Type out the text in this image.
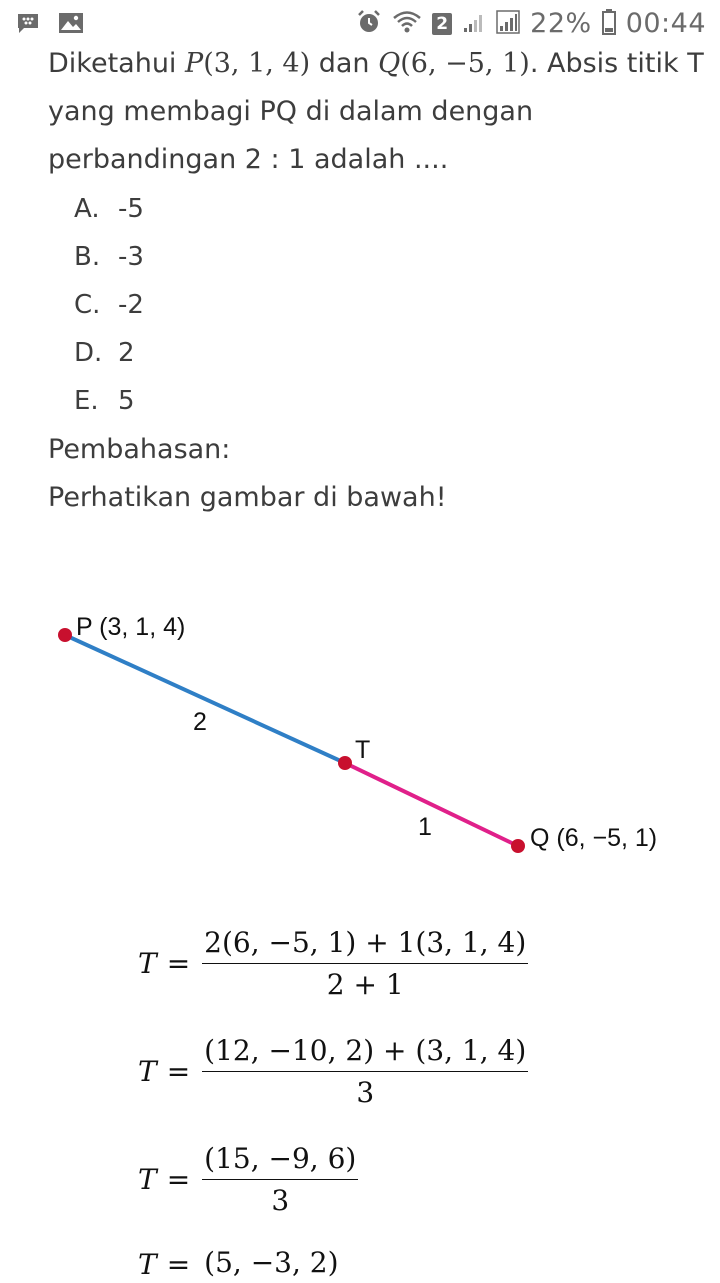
2	22% 00:44
Diketahui P(3, 1, 4) dan Q(6, −5, 1). Absis titik T
yang membagi PQ di dalam dengan
perbandingan 2 : 1 adalah ....
A. -5
B. -3
C. -2
D. 2
E. 5
Pembahasan:
Perhatikan gambar di bawah!
P (3, 1, 4)
T
Q (6, −5, 1)
2
1
$T = \frac{2(6, -5, 1) + 1(3, 1, 4)}{2 + 1}$
$T = \frac{(12, -10, 2) + (3, 1, 4)}{3}$
$T = \frac{(15, -9, 6)}{3}$
T = (5, −3, 2)
